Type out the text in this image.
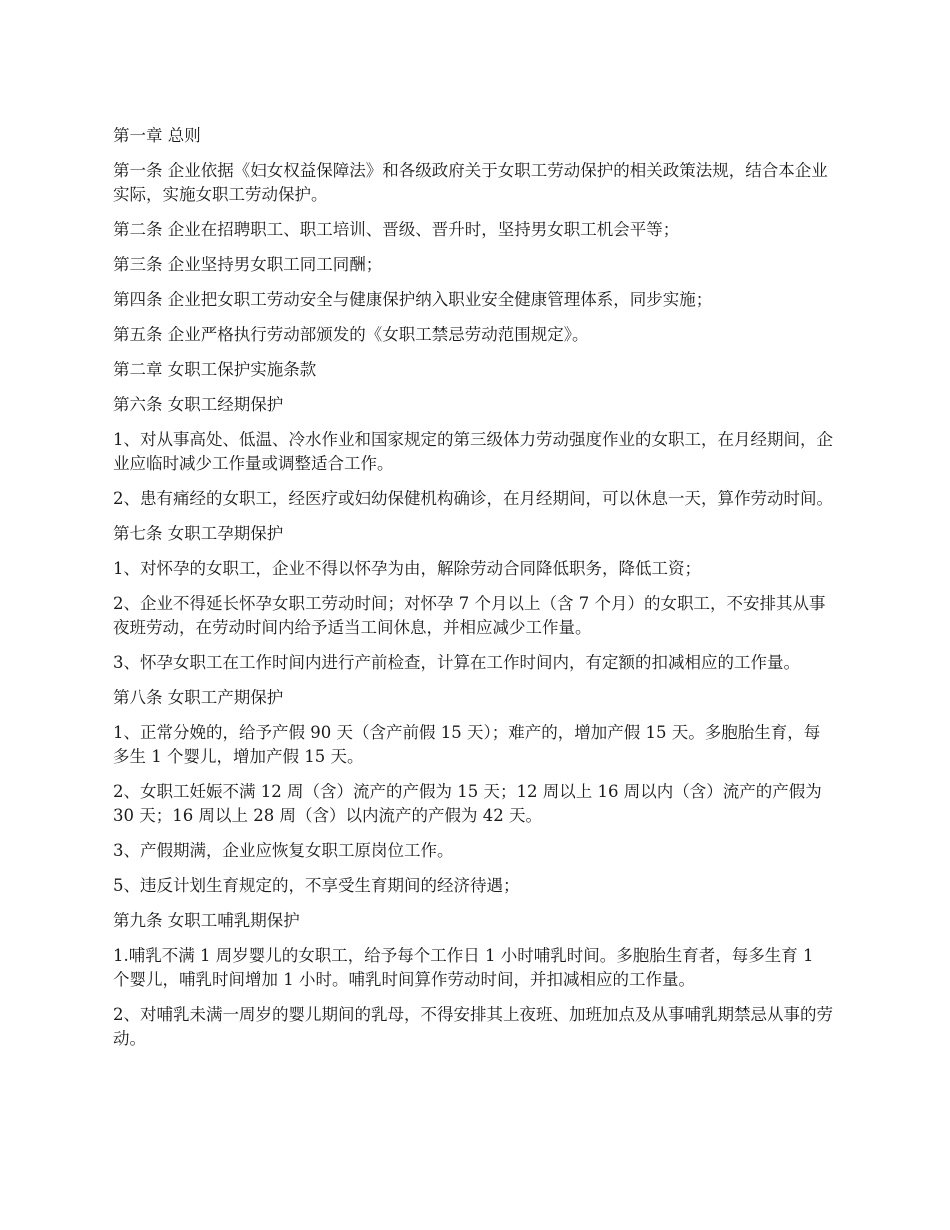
第一章 总则

第一条 企业依据《妇女权益保障法》和各级政府关于女职工劳动保护的相关政策法规，结合本企业实际，实施女职工劳动保护。

第二条 企业在招聘职工、职工培训、晋级、晋升时，坚持男女职工机会平等；

第三条 企业坚持男女职工同工同酬；

第四条 企业把女职工劳动安全与健康保护纳入职业安全健康管理体系，同步实施；

第五条 企业严格执行劳动部颁发的《女职工禁忌劳动范围规定》。

第二章 女职工保护实施条款

第六条 女职工经期保护

1、对从事高处、低温、冷水作业和国家规定的第三级体力劳动强度作业的女职工，在月经期间，企业应临时减少工作量或调整适合工作。

2、患有痛经的女职工，经医疗或妇幼保健机构确诊，在月经期间，可以休息一天，算作劳动时间。

第七条 女职工孕期保护

1、对怀孕的女职工，企业不得以怀孕为由，解除劳动合同降低职务，降低工资；

2、企业不得延长怀孕女职工劳动时间；对怀孕 7 个月以上（含 7 个月）的女职工，不安排其从事夜班劳动，在劳动时间内给予适当工间休息，并相应减少工作量。

3、怀孕女职工在工作时间内进行产前检查，计算在工作时间内，有定额的扣减相应的工作量。

第八条 女职工产期保护

1、正常分娩的，给予产假 90 天（含产前假 15 天）；难产的，增加产假 15 天。多胞胎生育，每多生 1 个婴儿，增加产假 15 天。

2、女职工妊娠不满 12 周（含）流产的产假为 15 天；12 周以上 16 周以内（含）流产的产假为 30 天；16 周以上 28 周（含）以内流产的产假为 42 天。

3、产假期满，企业应恢复女职工原岗位工作。

5、违反计划生育规定的，不享受生育期间的经济待遇；

第九条 女职工哺乳期保护

1.哺乳不满 1 周岁婴儿的女职工，给予每个工作日 1 小时哺乳时间。多胞胎生育者，每多生育 1 个婴儿，哺乳时间增加 1 小时。哺乳时间算作劳动时间，并扣减相应的工作量。

2、对哺乳未满一周岁的婴儿期间的乳母，不得安排其上夜班、加班加点及从事哺乳期禁忌从事的劳动。
